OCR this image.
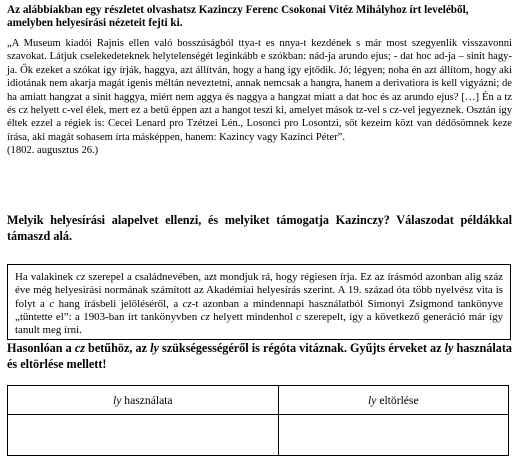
Az alábbiakban egy részletet olvashatsz Kazinczy Ferenc Csokonai Vitéz Mihályhoz írt leveléből, amelyben helyesírási nézeteit fejti ki.

„A Museum kiadói Rajnis ellen való bosszúságból ttya-t es nnya-t kezdének s már most szegyenlik visszavonni szavokat. Látjuk cselekedeteknek helytelenségét leginkább e szókban: nád-ja arundo ejus; - dat hoc ad-ja – sinit hagy-ja. Ők ezeket a szókat így írják, haggya, azt állítván, hogy a hang így ejtődik. Jó; légyen; noha én azt állítom, hogy aki idiotának nem akarja magát igenis méltán neveztetni, annak nemcsak a hangra, hanem a derivatiora is kell vigyázni; de ha amiatt hangzat a sinit haggya, miért nem aggya és naggya a hangzat miatt a dat hoc és az arundo ejus? […] Én a tz és cz helyett c-vel élek, mert ez a betű éppen azt a hangot teszi ki, amelyet mások tz-vel s cz-vel jegyeznek. Osztán így éltek ezzel a régiek is: Cecei Lenard pro Tzétzei Lén., Losonci pro Losontzi, sőt kezeim közt van dédősömnek keze írása, aki magát sohasem írta másképpen, hanem: Kazincy vagy Kazinci Péter”.

(1802. augusztus 26.)

Melyik helyesírási alapelvet ellenzi, és melyiket támogatja Kazinczy? Válaszodat példákkal támaszd alá.
Ha valakinek cz szerepel a családnevében, azt mondjuk rá, hogy régiesen írja. Ez az írásmód azonban alig száz éve még helyesírási normának számított az Akadémiai helyesírás szerint. A 19. század óta több nyelvész vita is folyt a c hang írásbeli jelöléséről, a cz-t azonban a mindennapi használatból Simonyi Zsigmond tankönyve „tüntette el”: a 1903-ban írt tankönyvben cz helyett mindenhol c szerepelt, így a következő generáció már így tanult meg írni.
Hasonlóan a cz betűhöz, az ly szükségességéről is régóta vitáznak. Gyűjts érveket az ly használata és eltörlése mellett!
ly használata	ly eltörlése
